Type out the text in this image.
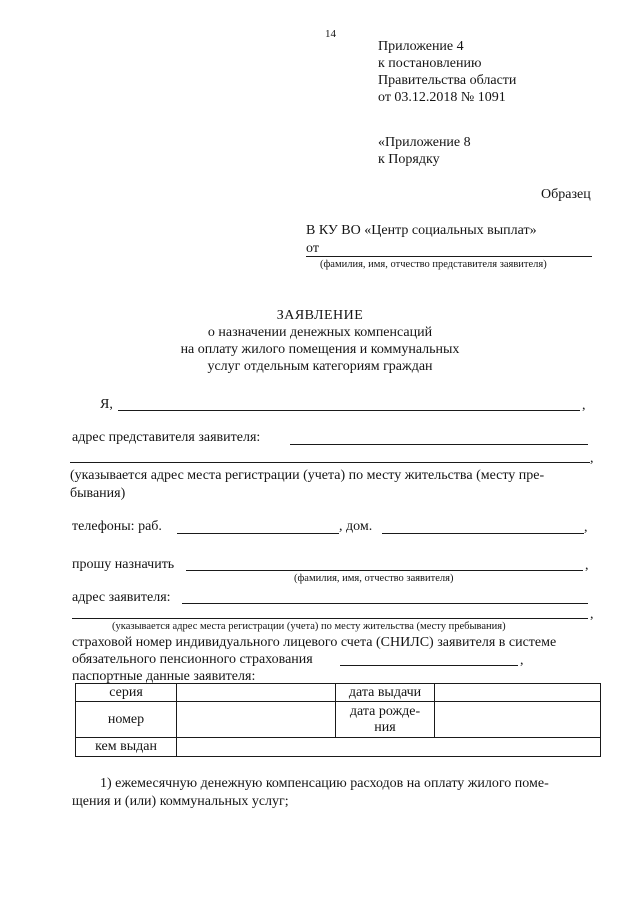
14
Приложение 4
к постановлению
Правительства области
от 03.12.2018 № 1091
«Приложение 8
к Порядку
Образец
В КУ ВО «Центр социальных выплат»
от
(фамилия, имя, отчество представителя заявителя)
ЗАЯВЛЕНИЕ
о назначении денежных компенсаций
на оплату жилого помещения и коммунальных
услуг отдельным категориям граждан
Я,	,
адрес представителя заявителя:
,
(указывается адрес места регистрации (учета) по месту жительства (месту пре-
бывания)
телефоны: раб.	, дом.	,
прошу назначить	,
(фамилия, имя, отчество заявителя)
адрес заявителя:
,
(указывается адрес места регистрации (учета) по месту жительства (месту пребывания)
страховой номер индивидуального лицевого счета (СНИЛС) заявителя в системе
обязательного пенсионного страхования	,
паспортные данные заявителя:
серия		дата выдачи	
номер		дата рожде-
ния	
кем выдан			
1) ежемесячную денежную компенсацию расходов на оплату жилого поме-
щения и (или) коммунальных услуг;
